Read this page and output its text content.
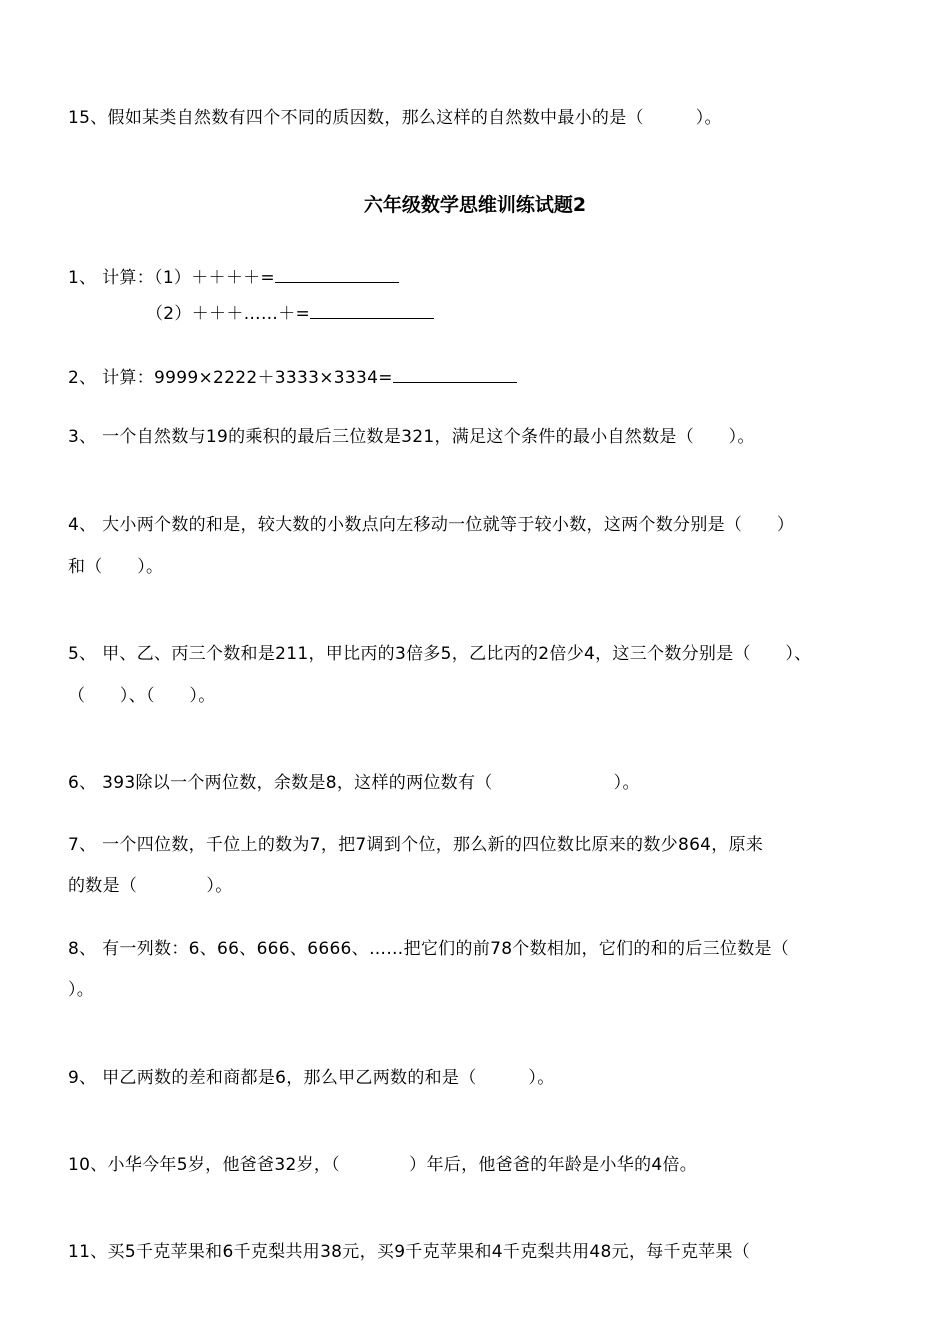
15、假如某类自然数有四个不同的质因数，那么这样的自然数中最小的是（　　　）。
六年级数学思维训练试题2
1、 计算：（1）＋＋＋＋=
（2）＋＋＋……＋=
2、 计算：9999×2222＋3333×3334=
3、 一个自然数与19的乘积的最后三位数是321，满足这个条件的最小自然数是（　　）。
4、 大小两个数的和是，较大数的小数点向左移动一位就等于较小数，这两个数分别是（　　）
和（　　）。
5、 甲、乙、丙三个数和是211，甲比丙的3倍多5，乙比丙的2倍少4，这三个数分别是（　　）、
（　　）、（　　）。
6、 393除以一个两位数，余数是8，这样的两位数有（　　　　　　　）。
7、 一个四位数，千位上的数为7，把7调到个位，那么新的四位数比原来的数少864，原来
的数是（　　　　）。
8、 有一列数：6、66、666、6666、……把它们的前78个数相加，它们的和的后三位数是（
）。
9、 甲乙两数的差和商都是6，那么甲乙两数的和是（　　　）。
10、小华今年5岁，他爸爸32岁，（　　　　）年后，他爸爸的年龄是小华的4倍。
11、买5千克苹果和6千克梨共用38元，买9千克苹果和4千克梨共用48元，每千克苹果（
